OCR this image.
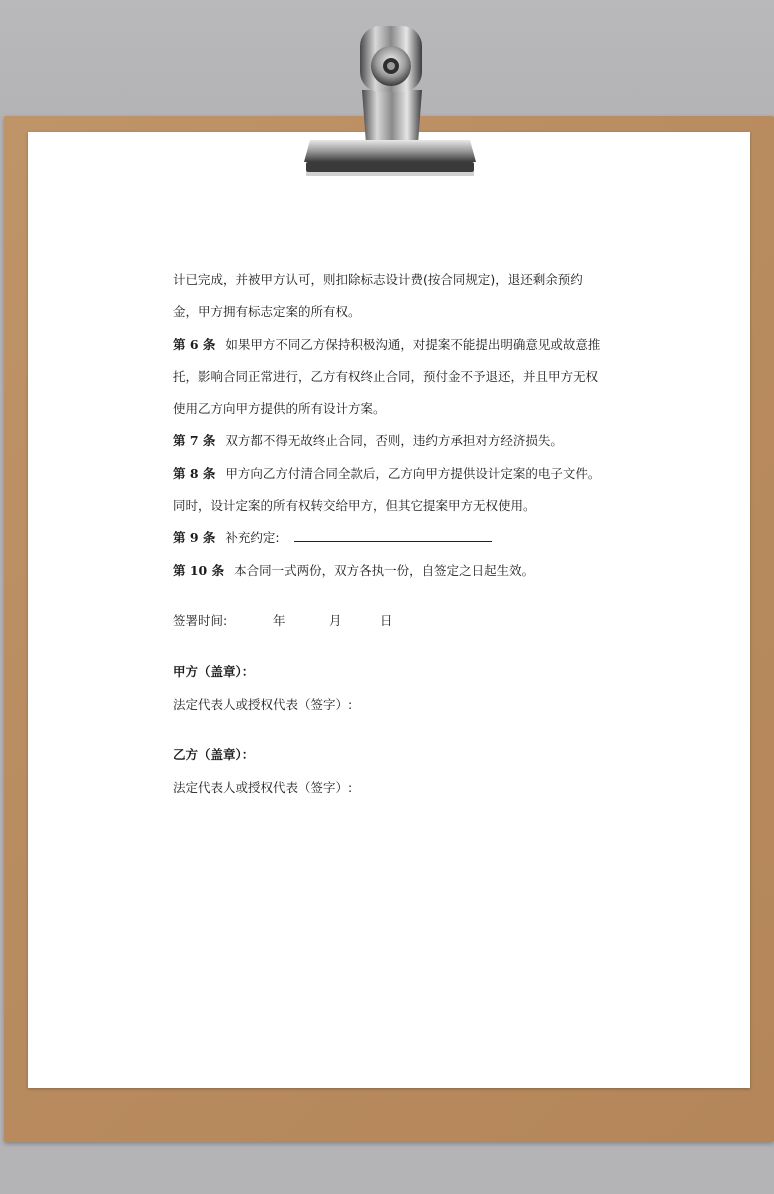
计已完成，并被甲方认可，则扣除标志设计费(按合同规定)，退还剩余预约
金，甲方拥有标志定案的所有权。
第 6 条 如果甲方不同乙方保持积极沟通，对提案不能提出明确意见或故意推
托，影响合同正常进行，乙方有权终止合同，预付金不予退还，并且甲方无权
使用乙方向甲方提供的所有设计方案。
第 7 条 双方都不得无故终止合同，否则，违约方承担对方经济损失。
第 8 条 甲方向乙方付清合同全款后，乙方向甲方提供设计定案的电子文件。
同时，设计定案的所有权转交给甲方，但其它提案甲方无权使用。
第 9 条 补充约定:
第 10 条 本合同一式两份，双方各执一份，自签定之日起生效。
签署时间:	年	月	日
甲方（盖章）：
法定代表人或授权代表（签字）:
乙方（盖章）：
法定代表人或授权代表（签字）:
